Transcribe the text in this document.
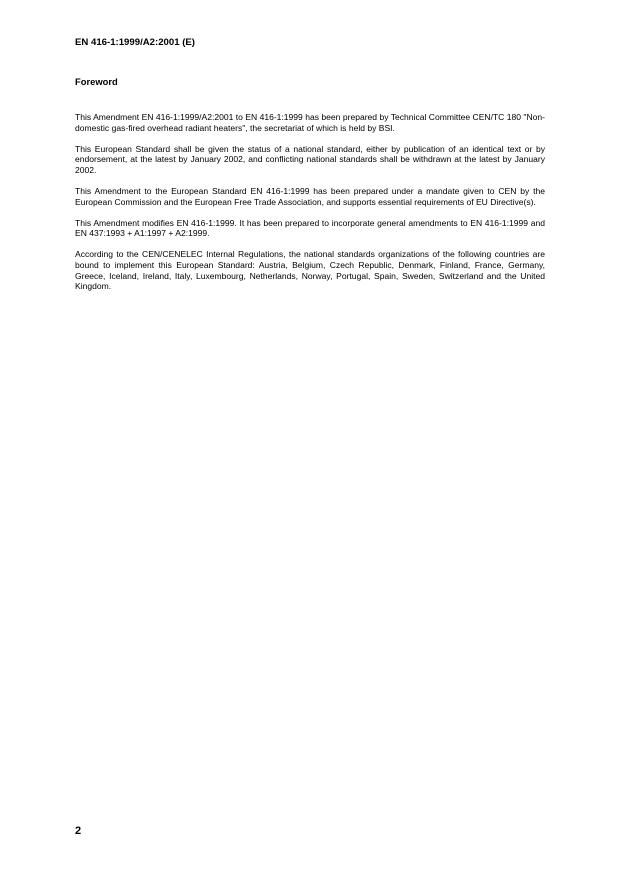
EN 416-1:1999/A2:2001 (E)
Foreword

This Amendment EN 416-1:1999/A2:2001 to EN 416-1:1999 has been prepared by Technical Committee CEN/TC 180 "Non-domestic gas-fired overhead radiant heaters", the secretariat of which is held by BSI.

This European Standard shall be given the status of a national standard, either by publication of an identical text or by endorsement, at the latest by January 2002, and conflicting national standards shall be withdrawn at the latest by January 2002.

This Amendment to the European Standard EN 416-1:1999 has been prepared under a mandate given to CEN by the European Commission and the European Free Trade Association, and supports essential requirements of EU Directive(s).

This Amendment modifies EN 416-1:1999. It has been prepared to incorporate general amendments to EN 416-1:1999 and EN 437:1993 + A1:1997 + A2:1999.

According to the CEN/CENELEC Internal Regulations, the national standards organizations of the following countries are bound to implement this European Standard: Austria, Belgium, Czech Republic, Denmark, Finland, France, Germany, Greece, Iceland, Ireland, Italy, Luxembourg, Netherlands, Norway, Portugal, Spain, Sweden, Switzerland and the United Kingdom.

2
